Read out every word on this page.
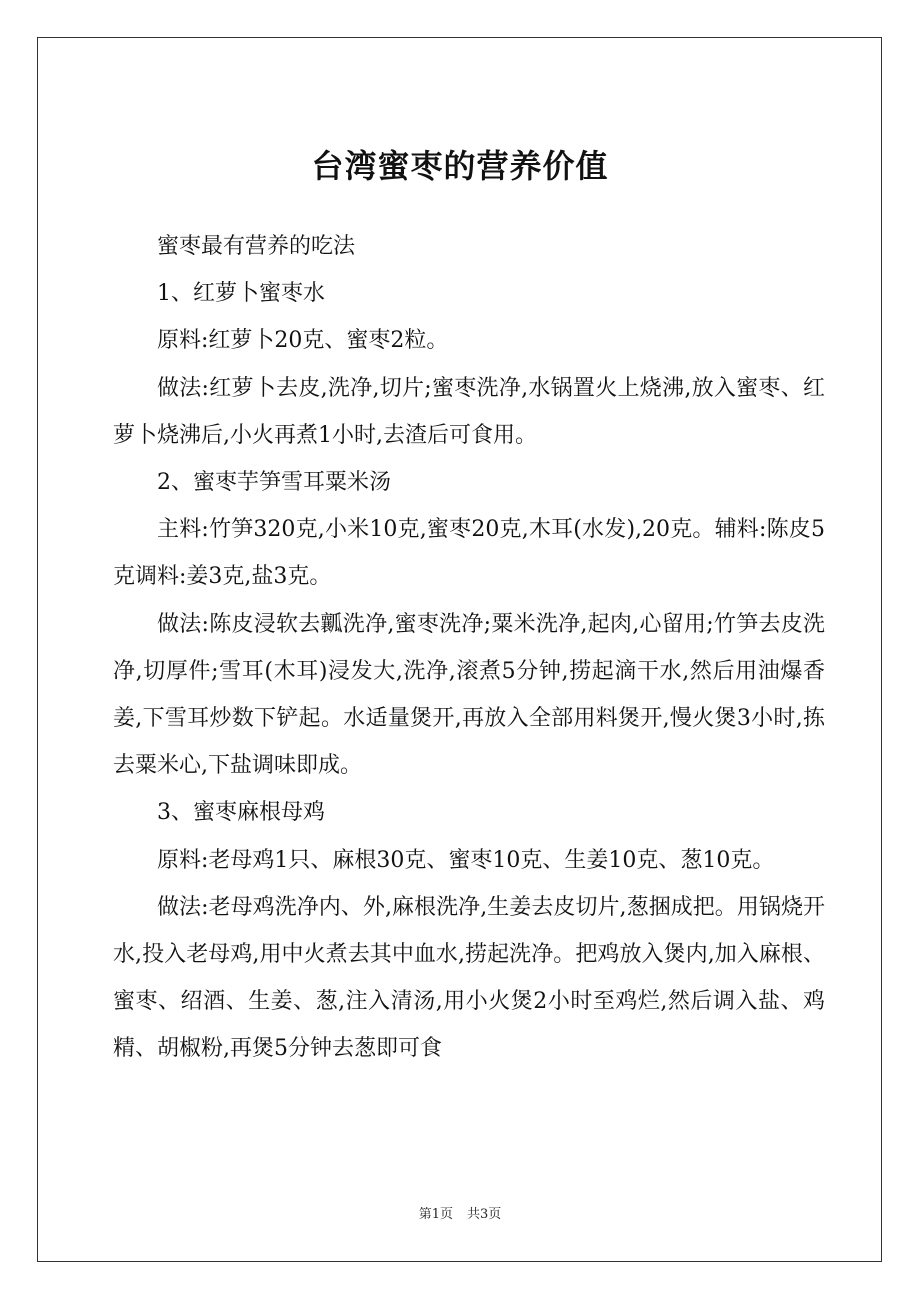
台湾蜜枣的营养价值

蜜枣最有营养的吃法

1、红萝卜蜜枣水

原料:红萝卜20克、蜜枣2粒。

做法:红萝卜去皮,洗净,切片;蜜枣洗净,水锅置火上烧沸,放入蜜枣、红萝卜烧沸后,小火再煮1小时,去渣后可食用。

2、蜜枣芋笋雪耳粟米汤

主料:竹笋320克,小米10克,蜜枣20克,木耳(水发),20克。辅料:陈皮5克调料:姜3克,盐3克。

做法:陈皮浸软去瓤洗净,蜜枣洗净;粟米洗净,起肉,心留用;竹笋去皮洗净,切厚件;雪耳(木耳)浸发大,洗净,滚煮5分钟,捞起滴干水,然后用油爆香姜,下雪耳炒数下铲起。水适量煲开,再放入全部用料煲开,慢火煲3小时,拣去粟米心,下盐调味即成。

3、蜜枣麻根母鸡

原料:老母鸡1只、麻根30克、蜜枣10克、生姜10克、葱10克。

做法:老母鸡洗净内、外,麻根洗净,生姜去皮切片,葱捆成把。用锅烧开水,投入老母鸡,用中火煮去其中血水,捞起洗净。把鸡放入煲内,加入麻根、蜜枣、绍酒、生姜、葱,注入清汤,用小火煲2小时至鸡烂,然后调入盐、鸡精、胡椒粉,再煲5分钟去葱即可食

第1页 共3页
